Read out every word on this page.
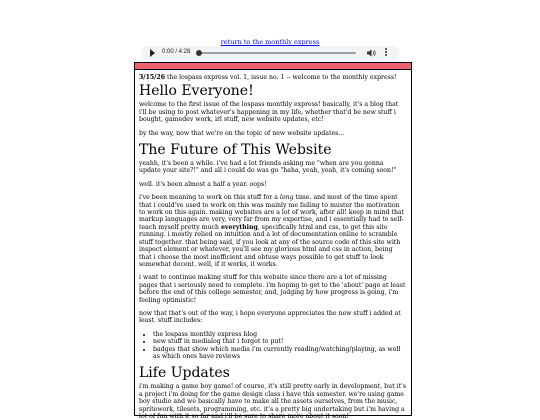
return to the monthly express
0:00 / 4:28
3/15/26 the lospass express vol. 1, issue no. 1 -- welcome to the monthly express!
Hello Everyone!

welcome to the first issue of the lospass monthly express! basically, it's a blog that i'll be using to post whatever's happening in my life, whether that'd be new stuff i bought, gamedev work, irl stuff, new website updates, etc!

by the way, now that we're on the topic of new website updates...

The Future of This Website

yeahh, it's been a while. i've had a lot friends asking me "when are you gonna update your site?!" and all i could do was go "haha, yeah, yeah, it's coming soon!"

well. it's been almost a half a year. oops!

i've been meaning to work on this stuff for a long time. and most of the time spent that i could've used to work on this was mainly me failing to muster the motivation to work on this again. making websites are a lot of work, after all! keep in mind that markup languages are very, very far from my expertise, and i essentially had to self-teach myself pretty much everything, specifically html and css, to get this site running. i mostly relied on intuition and a lot of documentation online to scramble stuff together. that being said, if you look at any of the source code of this site with inspect element or whatever, you'll see my glorious html and css in action, being that i choose the most inefficient and obtuse ways possible to get stuff to look somewhat decent. well, if it works, it works.

i want to continue making stuff for this website since there are a lot of missing pages that i seriously need to complete. i'm hoping to get to the 'about' page at least before the end of this college semester, and, judging by how progress is going, i'm feeling optimistic!

now that that's out of the way, i hope everyone appreciates the new stuff i added at least. stuff includes:

• the lospass monthly express blog
• new stuff in medialog that i forgot to put!
• badges that show which media i'm currently reading/watching/playing, as well as which ones have reviews
Life Updates

i'm making a game boy game! of course, it's still pretty early in development, but it's a project i'm doing for the game design class i have this semester. we're using game boy studio and we basically have to make all the assets ourselves, from the music, spritework, tilesets, programming, etc. it's a pretty big undertaking but i'm having a lot of fun with it so far and i'll be sure to share more about it soon!
